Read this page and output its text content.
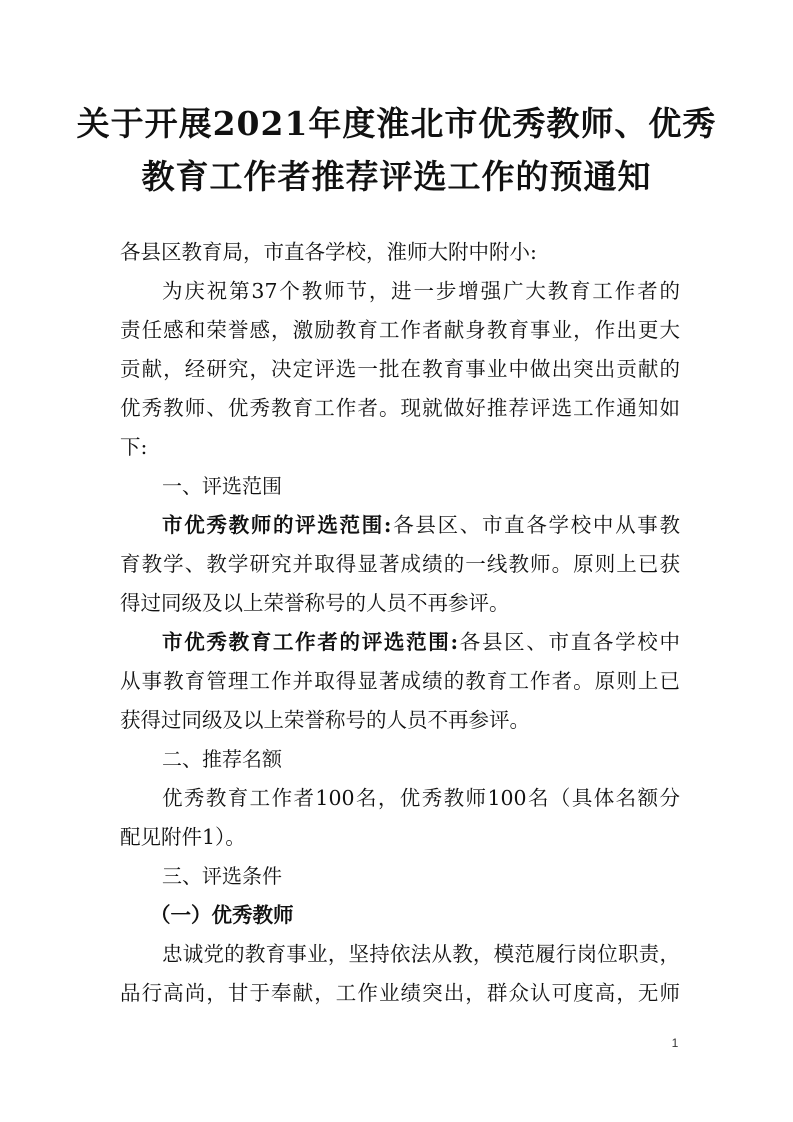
关于开展2021年度淮北市优秀教师、优秀
教育工作者推荐评选工作的预通知
各县区教育局，市直各学校，淮师大附中附小:
为庆祝第37个教师节，进一步增强广大教育工作者的
责任感和荣誉感，激励教育工作者献身教育事业，作出更大
贡献，经研究，决定评选一批在教育事业中做出突出贡献的
优秀教师、优秀教育工作者。现就做好推荐评选工作通知如
下:
一、评选范围
市优秀教师的评选范围:各县区、市直各学校中从事教
育教学、教学研究并取得显著成绩的一线教师。原则上已获
得过同级及以上荣誉称号的人员不再参评。
市优秀教育工作者的评选范围:各县区、市直各学校中
从事教育管理工作并取得显著成绩的教育工作者。原则上已
获得过同级及以上荣誉称号的人员不再参评。
二、推荐名额
优秀教育工作者100名，优秀教师100名（具体名额分
配见附件1）。
三、评选条件
（一）优秀教师
忠诚党的教育事业，坚持依法从教，模范履行岗位职责，
品行高尚，甘于奉献，工作业绩突出，群众认可度高，无师
1
